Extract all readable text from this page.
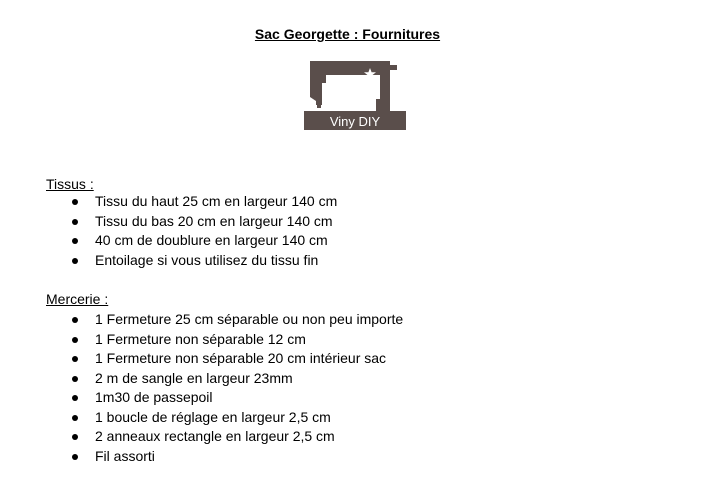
Sac Georgette : Fournitures
Viny DIY
Tissus :
Tissu du haut 25 cm en largeur 140 cm
Tissu du bas 20 cm en largeur 140 cm
40 cm de doublure en largeur 140 cm
Entoilage si vous utilisez du tissu fin
Mercerie :
1 Fermeture 25 cm séparable ou non peu importe
1 Fermeture non séparable 12 cm
1 Fermeture non séparable 20 cm intérieur sac
2 m de sangle en largeur 23mm
1m30 de passepoil
1 boucle de réglage en largeur 2,5 cm
2 anneaux rectangle en largeur 2,5 cm
Fil assorti
